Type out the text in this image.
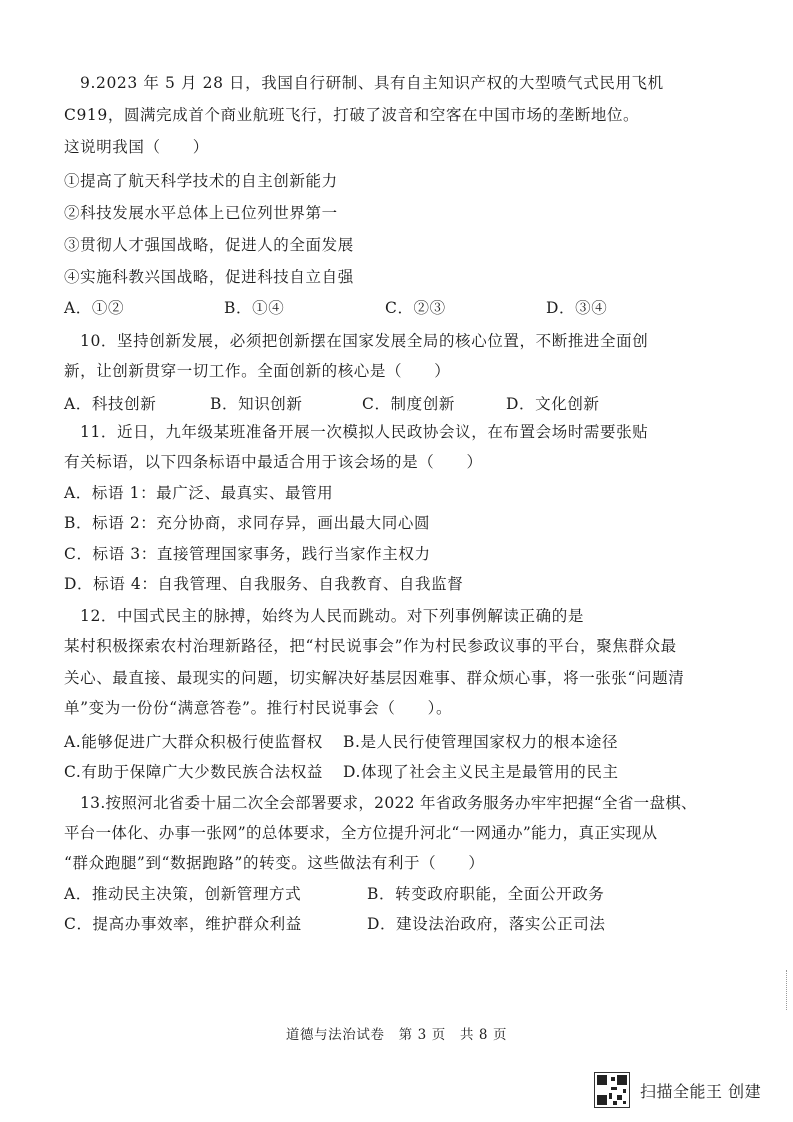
9.2023 年 5 月 28 日，我国自行研制、具有自主知识产权的大型喷气式民用飞机
C919，圆满完成首个商业航班飞行，打破了波音和空客在中国市场的垄断地位。
这说明我国（　　）
①提高了航天科学技术的自主创新能力
②科技发展水平总体上已位列世界第一
③贯彻人才强国战略，促进人的全面发展
④实施科教兴国战略，促进科技自立自强
A．①②	B．①④	C．②③	D．③④
10．坚持创新发展，必须把创新摆在国家发展全局的核心位置，不断推进全面创
新，让创新贯穿一切工作。全面创新的核心是（　　）
A．科技创新	B．知识创新	C．制度创新	D．文化创新
11．近日，九年级某班准备开展一次模拟人民政协会议，在布置会场时需要张贴
有关标语，以下四条标语中最适合用于该会场的是（　　）
A．标语 1：最广泛、最真实、最管用
B．标语 2：充分协商，求同存异，画出最大同心圆
C．标语 3：直接管理国家事务，践行当家作主权力
D．标语 4：自我管理、自我服务、自我教育、自我监督
12．中国式民主的脉搏，始终为人民而跳动。对下列事例解读正确的是
某村积极探索农村治理新路径，把“村民说事会”作为村民参政议事的平台，聚焦群众最
关心、最直接、最现实的问题，切实解决好基层因难事、群众烦心事，将一张张“问题清
单”变为一份份“满意答卷”。推行村民说事会（　　）。
A.能够促进广大群众积极行使监督权 B.是人民行使管理国家权力的根本途径
C.有助于保障广大少数民族合法权益 D.体现了社会主义民主是最管用的民主
13.按照河北省委十届二次全会部署要求，2022 年省政务服务办牢牢把握“全省一盘棋、
平台一体化、办事一张网”的总体要求，全方位提升河北“一网通办”能力，真正实现从
“群众跑腿”到“数据跑路”的转变。这些做法有利于（　　）
A．推动民主决策，创新管理方式	B．转变政府职能，全面公开政务
C．提高办事效率，维护群众利益	D．建设法治政府，落实公正司法
道德与法治试卷　第 3 页　共 8 页
扫描全能王 创建
